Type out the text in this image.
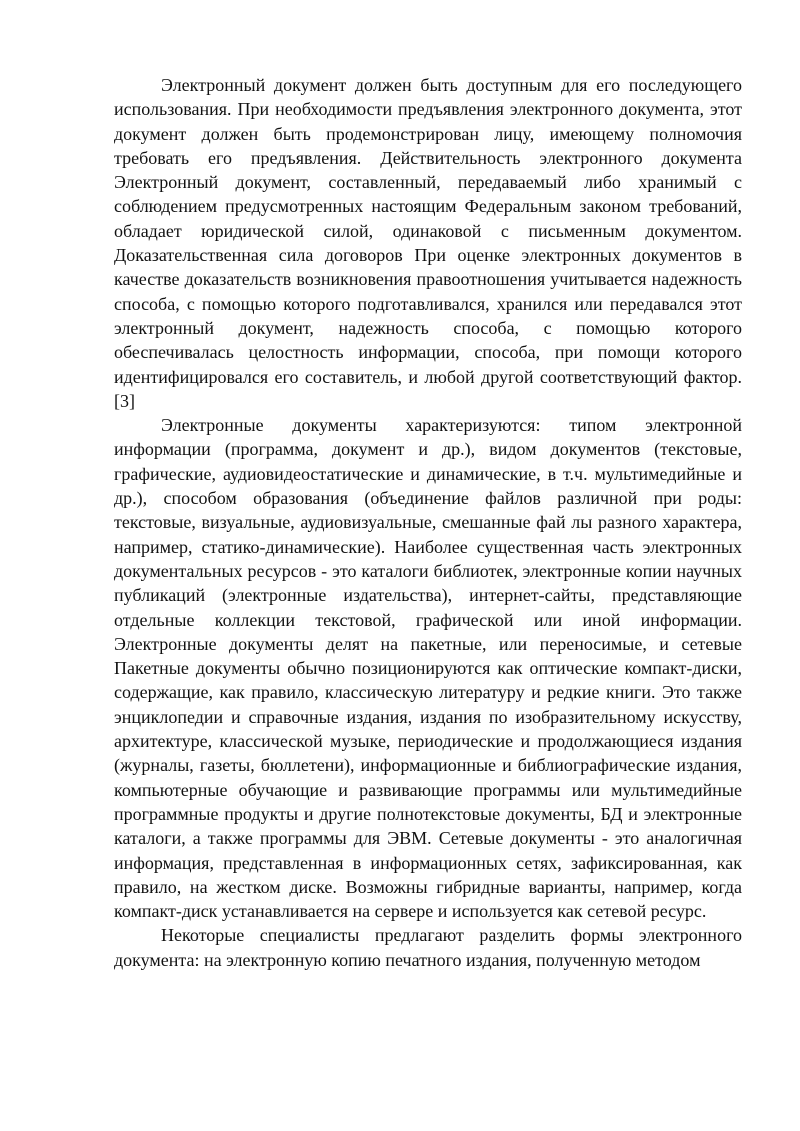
Электронный документ должен быть доступным для его последующего использования. При необходимости предъявления электронного документа, этот документ должен быть продемонстрирован лицу, имеющему полномочия требовать его предъявления. Действительность электронного документа Электронный документ, составленный, передаваемый либо хранимый с соблюдением предусмотренных настоящим Федеральным законом требований, обладает юридической силой, одинаковой с письменным документом. Доказательственная сила договоров При оценке электронных документов в качестве доказательств возникновения правоотношения учитывается надежность способа, с помощью которого подготавливался, хранился или передавался этот электронный документ, надежность способа, с помощью которого обеспечивалась целостность информации, способа, при помощи которого идентифицировался его составитель, и любой другой соответствующий фактор. [3]

Электронные документы характеризуются: типом электронной информации (программа, документ и др.), видом документов (текстовые, графические, аудиовидеостатические и динамические, в т.ч. мультимедийные и др.), способом образования (объединение файлов различной при роды: текстовые, визуальные, аудиовизуальные, смешанные фай лы разного характера, например, статико-динамические). Наиболее существенная часть электронных документальных ресурсов - это каталоги библиотек, электронные копии научных публикаций (электронные издательства), интернет-сайты, представляющие отдельные коллекции текстовой, графической или иной информации. Электронные документы делят на пакетные, или переносимые, и сетевые Пакетные документы обычно позиционируются как оптические компакт-диски, содержащие, как правило, классическую литературу и редкие книги. Это также энциклопедии и справочные издания, издания по изобразительному искусству, архитектуре, классической музыке, периодические и продолжающиеся издания (журналы, газеты, бюллетени), информационные и библиографические издания, компьютерные обучающие и развивающие программы или мультимедийные программные продукты и другие полнотекстовые документы, БД и электронные каталоги, а также программы для ЭВМ. Сетевые документы - это аналогичная информация, представленная в информационных сетях, зафиксированная, как правило, на жестком диске. Возможны гибридные варианты, например, когда компакт-диск устанавливается на сервере и используется как сетевой ресурс.

Некоторые специалисты предлагают разделить формы электронного документа: на электронную копию печатного издания, полученную методом
